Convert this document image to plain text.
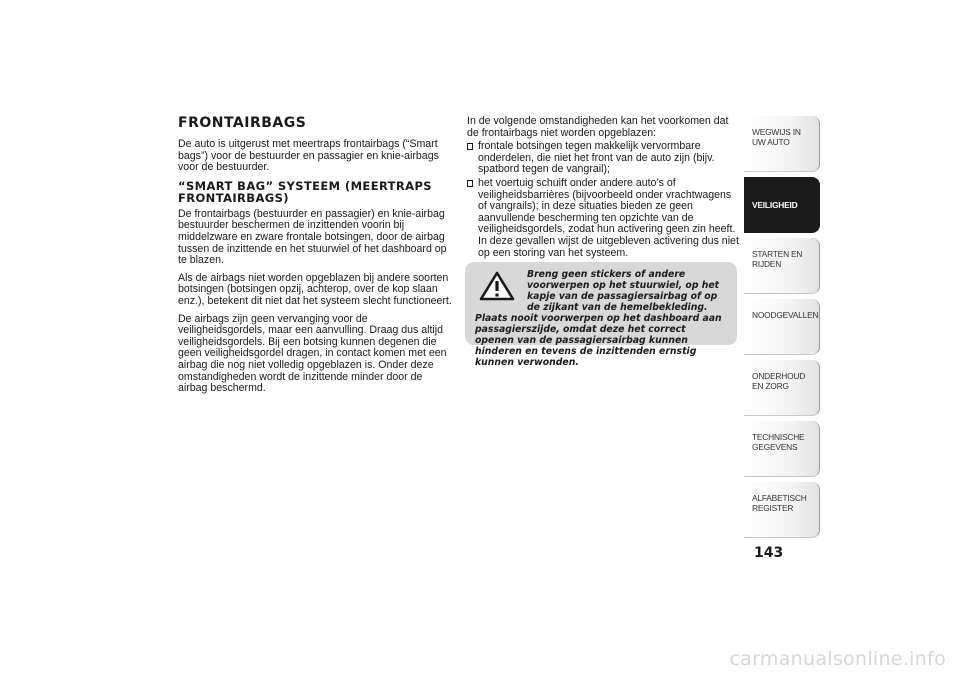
FRONTAIRBAGS

De auto is uitgerust met meertraps frontairbags (“Smart bags”) voor de bestuurder en passagier en knie-airbags voor de bestuurder.

“SMART BAG” SYSTEEM (MEERTRAPS FRONTAIRBAGS)

De frontairbags (bestuurder en passagier) en knie-airbag bestuurder beschermen de inzittenden voorin bij middelzware en zware frontale botsingen, door de airbag tussen de inzittende en het stuurwiel of het dashboard op te blazen.

Als de airbags niet worden opgeblazen bij andere soorten botsingen (botsingen opzij, achterop, over de kop slaan enz.), betekent dit niet dat het systeem slecht functioneert.

De airbags zijn geen vervanging voor de veiligheidsgordels, maar een aanvulling. Draag dus altijd veiligheidsgordels. Bij een botsing kunnen degenen die geen veiligheidsgordel dragen, in contact komen met een airbag die nog niet volledig opgeblazen is. Onder deze omstandigheden wordt de inzittende minder door de airbag beschermd.

In de volgende omstandigheden kan het voorkomen dat de frontairbags niet worden opgeblazen:

frontale botsingen tegen makkelijk vervormbare onderdelen, die niet het front van de auto zijn (bijv. spatbord tegen de vangrail);
het voertuig schuift onder andere auto’s of veiligheidsbarrières (bijvoorbeeld onder vrachtwagens of vangrails); in deze situaties bieden ze geen aanvullende bescherming ten opzichte van de veiligheidsgordels, zodat hun activering geen zin heeft. In deze gevallen wijst de uitgebleven activering dus niet op een storing van het systeem.

Breng geen stickers of andere voorwerpen op het stuurwiel, op het kapje van de passagiersairbag of op de zijkant van de hemelbekleding. Plaats nooit voorwerpen op het dashboard aan passagierszijde, omdat deze het correct openen van de passagiersairbag kunnen hinderen en tevens de inzittenden ernstig kunnen verwonden.

WEGWIJS IN UW AUTO
VEILIGHEID
STARTEN EN RIJDEN
NOODGEVALLEN
ONDERHOUD EN ZORG
TECHNISCHE GEGEVENS
ALFABETISCH REGISTER
143
carmanualsonline.info
